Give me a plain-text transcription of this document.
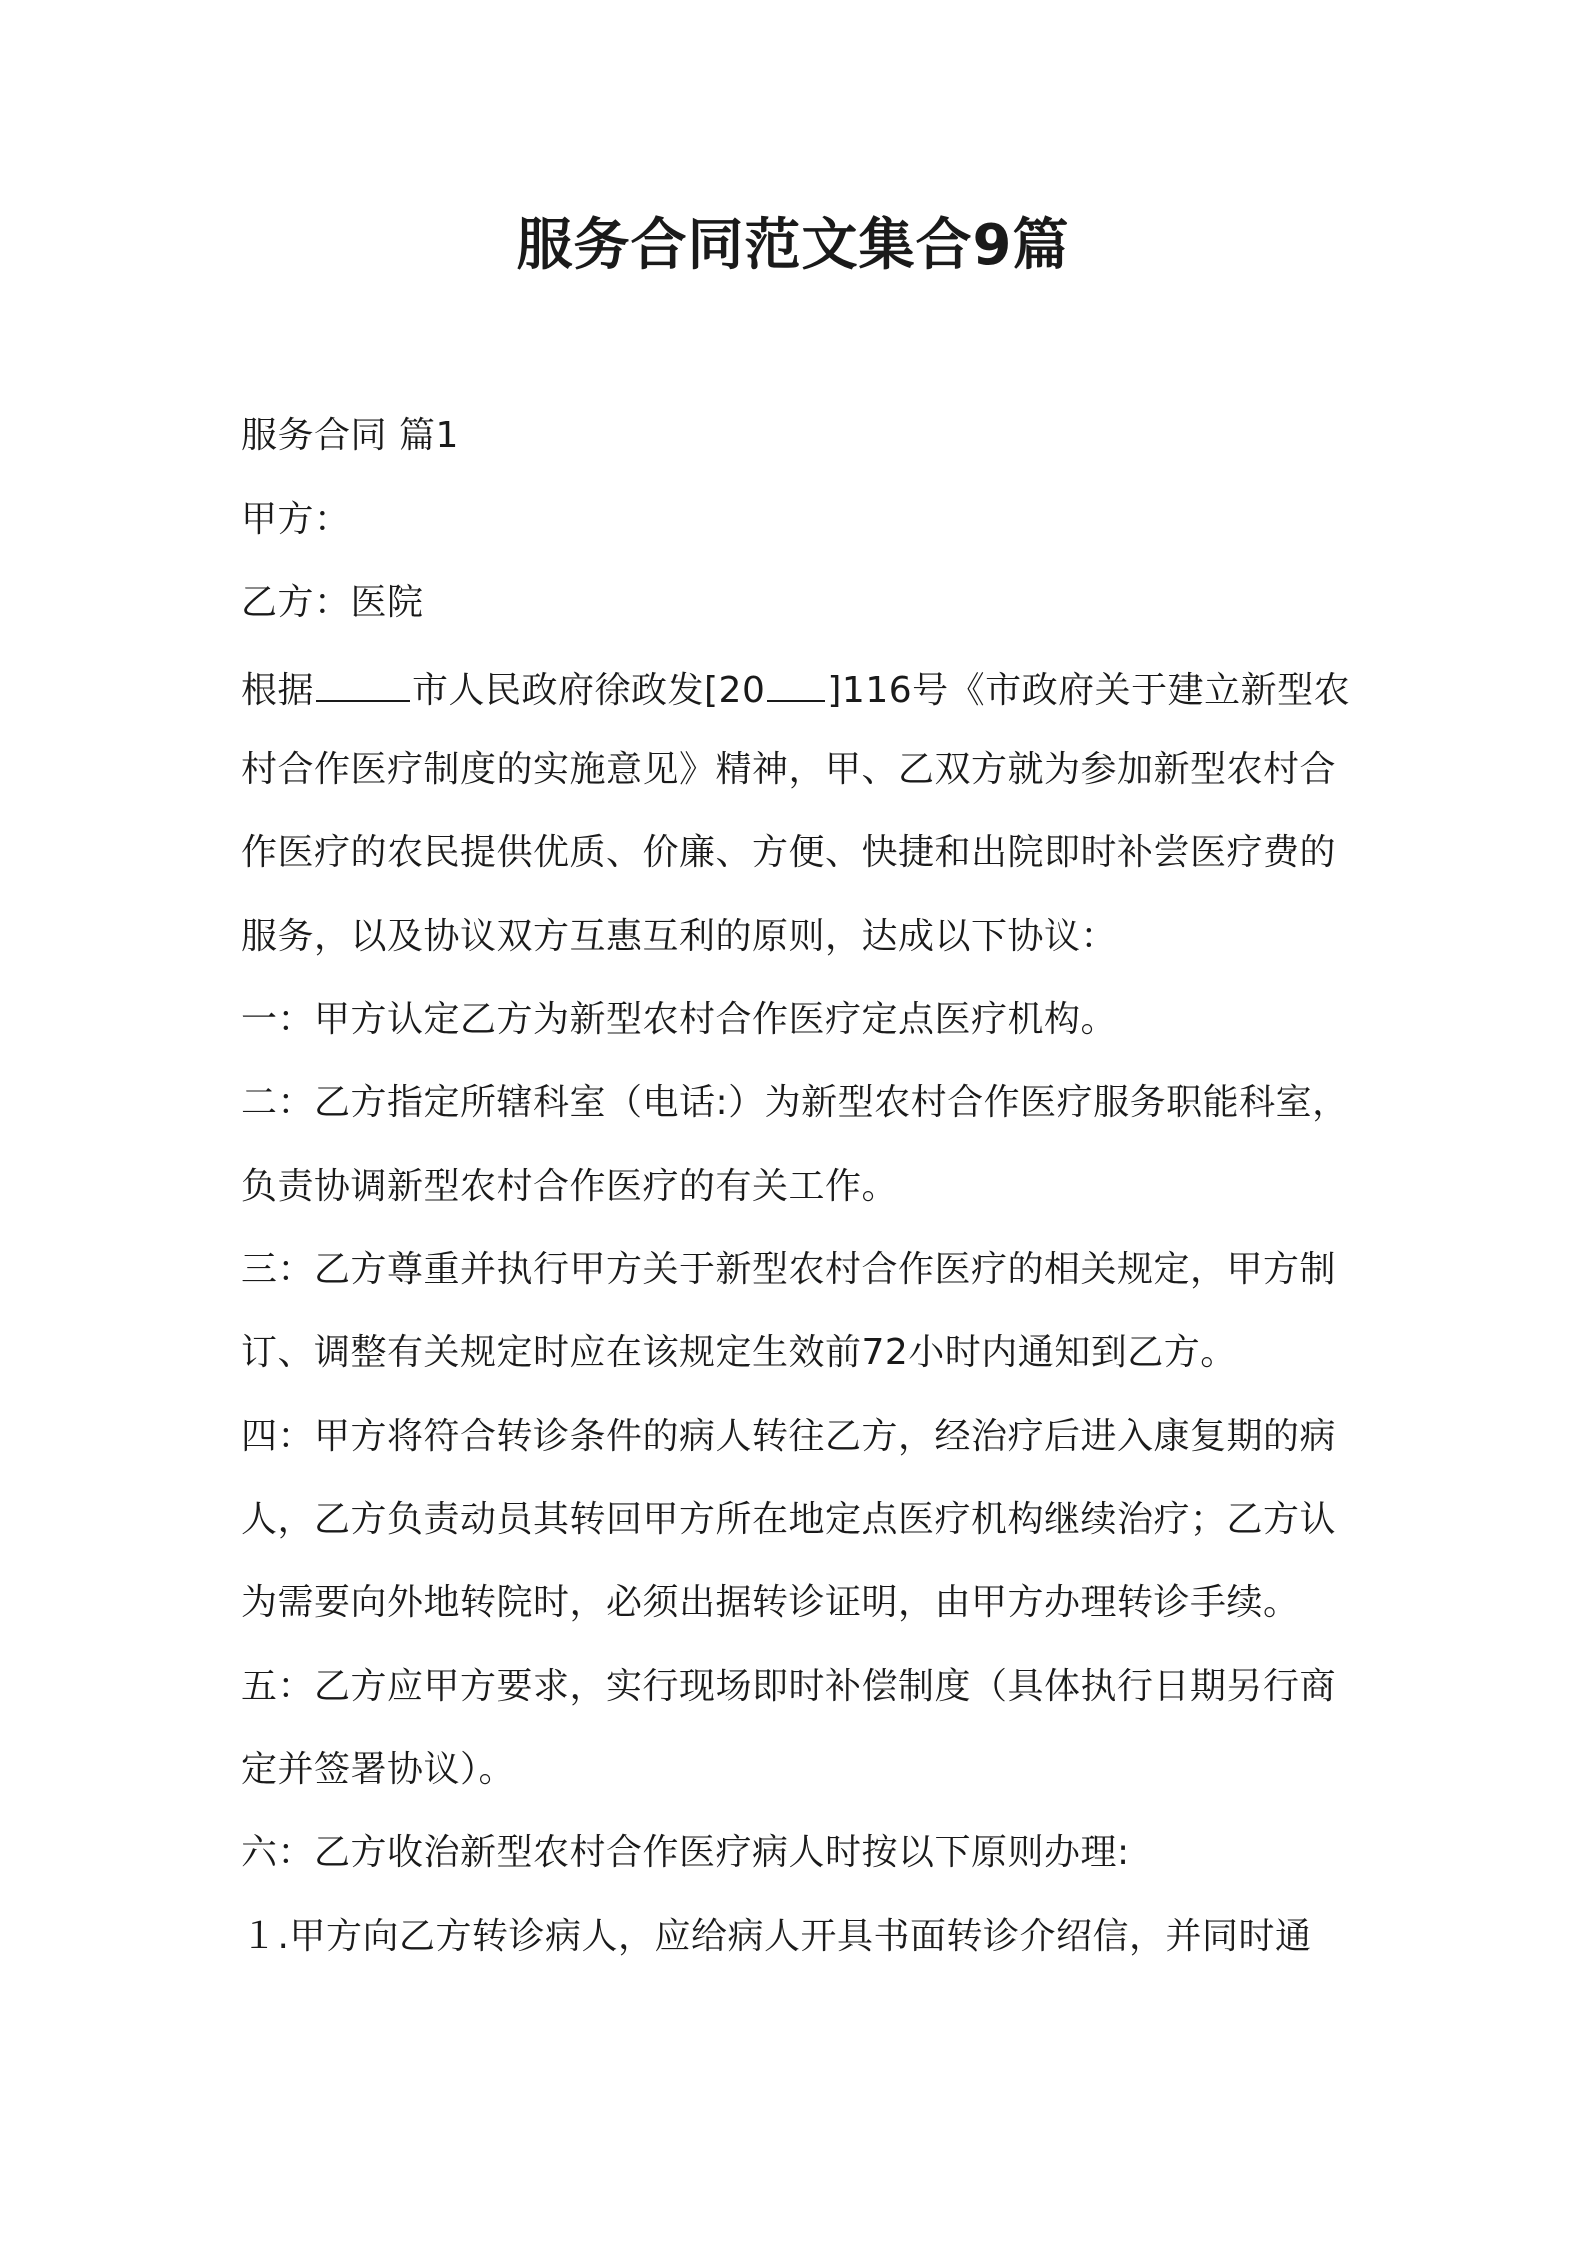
服务合同范文集合9篇
服务合同 篇1
甲方：
乙方：医院
根据	市人民政府徐政发[20 ]116号《市政府关于建立新型农
村合作医疗制度的实施意见》精神，甲、乙双方就为参加新型农村合
作医疗的农民提供优质、价廉、方便、快捷和出院即时补尝医疗费的
服务，以及协议双方互惠互利的原则，达成以下协议：
一：甲方认定乙方为新型农村合作医疗定点医疗机构。
二：乙方指定所辖科室（电话:）为新型农村合作医疗服务职能科室，
负责协调新型农村合作医疗的有关工作。
三：乙方尊重并执行甲方关于新型农村合作医疗的相关规定，甲方制
订、调整有关规定时应在该规定生效前72小时内通知到乙方。
四：甲方将符合转诊条件的病人转往乙方，经治疗后进入康复期的病
人，乙方负责动员其转回甲方所在地定点医疗机构继续治疗；乙方认
为需要向外地转院时，必须出据转诊证明，由甲方办理转诊手续。
五：乙方应甲方要求，实行现场即时补偿制度（具体执行日期另行商
定并签署协议）。
六：乙方收治新型农村合作医疗病人时按以下原则办理:
１.甲方向乙方转诊病人，应给病人开具书面转诊介绍信，并同时通
